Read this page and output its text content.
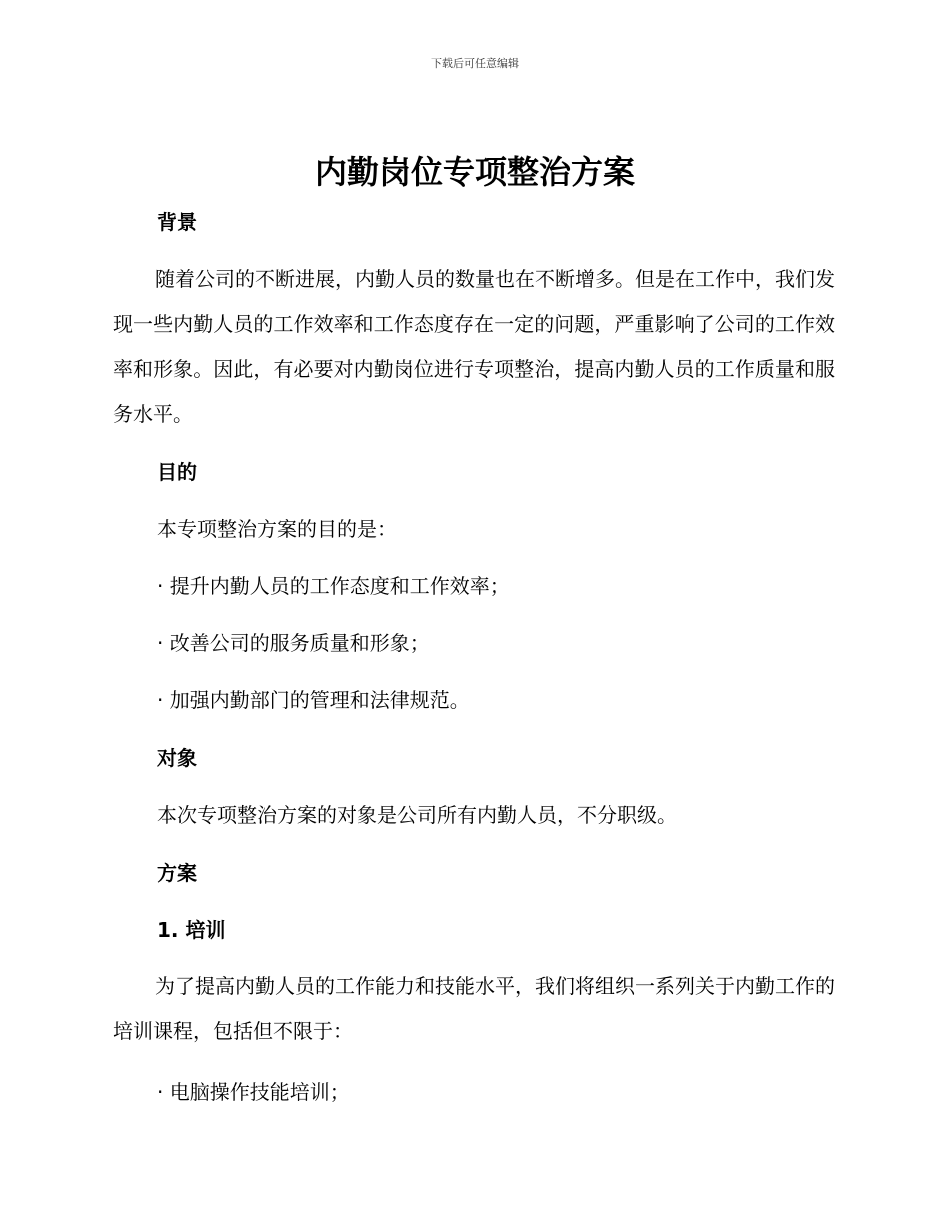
下载后可任意编辑
内勤岗位专项整治方案
背景

随着公司的不断进展，内勤人员的数量也在不断增多。但是在工作中，我们发现一些内勤人员的工作效率和工作态度存在一定的问题，严重影响了公司的工作效率和形象。因此，有必要对内勤岗位进行专项整治，提高内勤人员的工作质量和服务水平。

目的

本专项整治方案的目的是：

· 提升内勤人员的工作态度和工作效率；

· 改善公司的服务质量和形象；

· 加强内勤部门的管理和法律规范。

对象

本次专项整治方案的对象是公司所有内勤人员，不分职级。

方案
1. 培训

为了提高内勤人员的工作能力和技能水平，我们将组织一系列关于内勤工作的培训课程，包括但不限于：

· 电脑操作技能培训；
